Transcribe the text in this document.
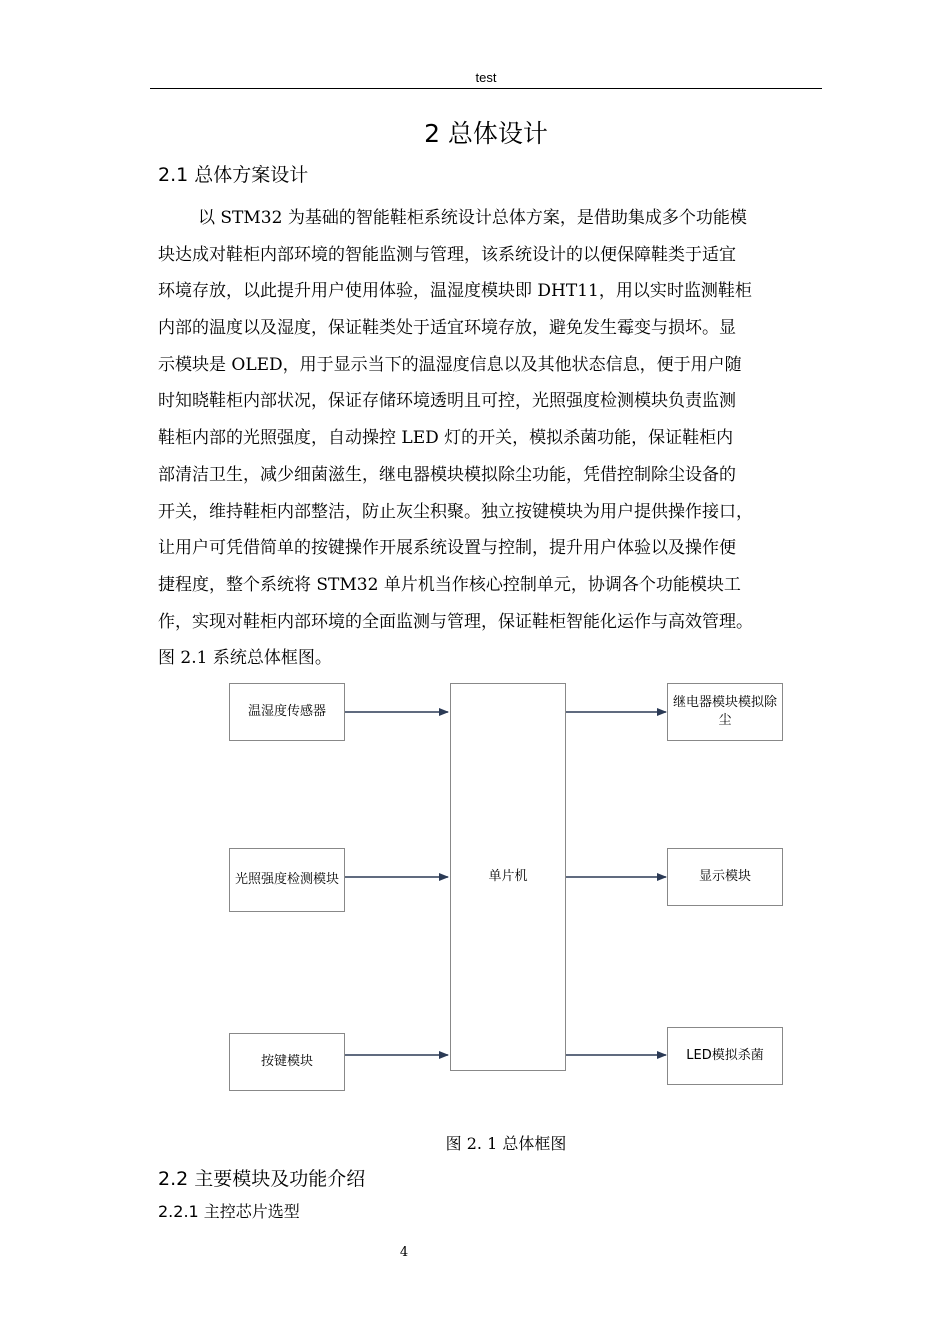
test
2 总体设计
2.1 总体方案设计
以 STM32 为基础的智能鞋柜系统设计总体方案，是借助集成多个功能模
块达成对鞋柜内部环境的智能监测与管理，该系统设计的以便保障鞋类于适宜
环境存放，以此提升用户使用体验，温湿度模块即 DHT11，用以实时监测鞋柜
内部的温度以及湿度，保证鞋类处于适宜环境存放，避免发生霉变与损坏。显
示模块是 OLED，用于显示当下的温湿度信息以及其他状态信息，便于用户随
时知晓鞋柜内部状况，保证存储环境透明且可控，光照强度检测模块负责监测
鞋柜内部的光照强度，自动操控 LED 灯的开关，模拟杀菌功能，保证鞋柜内
部清洁卫生，减少细菌滋生，继电器模块模拟除尘功能，凭借控制除尘设备的
开关，维持鞋柜内部整洁，防止灰尘积聚。独立按键模块为用户提供操作接口，
让用户可凭借简单的按键操作开展系统设置与控制，提升用户体验以及操作便
捷程度，整个系统将 STM32 单片机当作核心控制单元，协调各个功能模块工
作，实现对鞋柜内部环境的全面监测与管理，保证鞋柜智能化运作与高效管理。
图 2.1 系统总体框图。
温湿度传感器
光照强度检测模块
按键模块
单片机
继电器模块模拟除尘
显示模块
LED模拟杀菌
图 2. 1 总体框图
2.2 主要模块及功能介绍
2.2.1 主控芯片选型
4
